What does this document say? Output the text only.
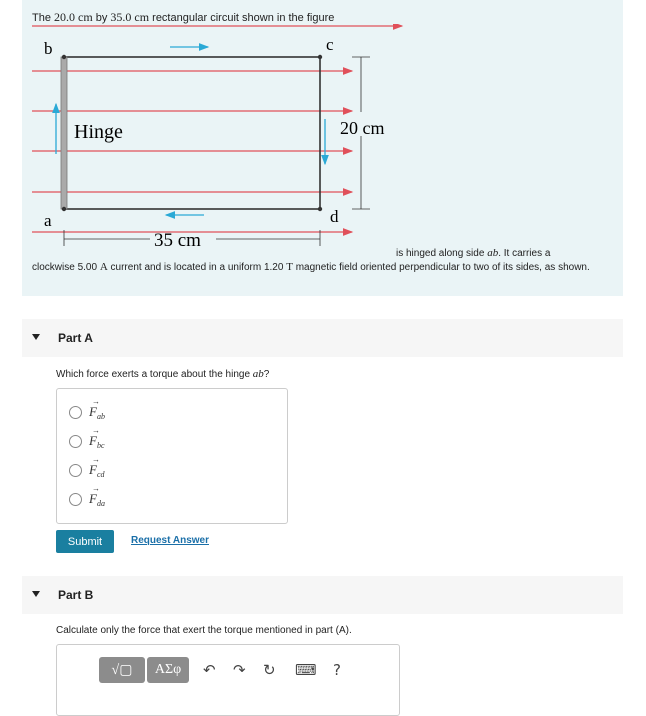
The 20.0 cm by 35.0 cm rectangular circuit shown in the figure
b	c
a	d
Hinge
35 cm
20 cm
is hinged along side ab. It carries a
clockwise 5.00 A current and is located in a uniform 1.20 T magnetic field oriented perpendicular to two of its sides, as shown.
Part A
Which force exerts a torque about the hinge ab?
→
$F_{ab}$
→
$F_{bc}$
→
$F_{cd}$
→
$F_{da}$
Submit	Request Answer
Part B
Calculate only the force that exert the torque mentioned in part (A).
√▢	ΑΣφ	↶ ↷ ↻ ⌨ ?
